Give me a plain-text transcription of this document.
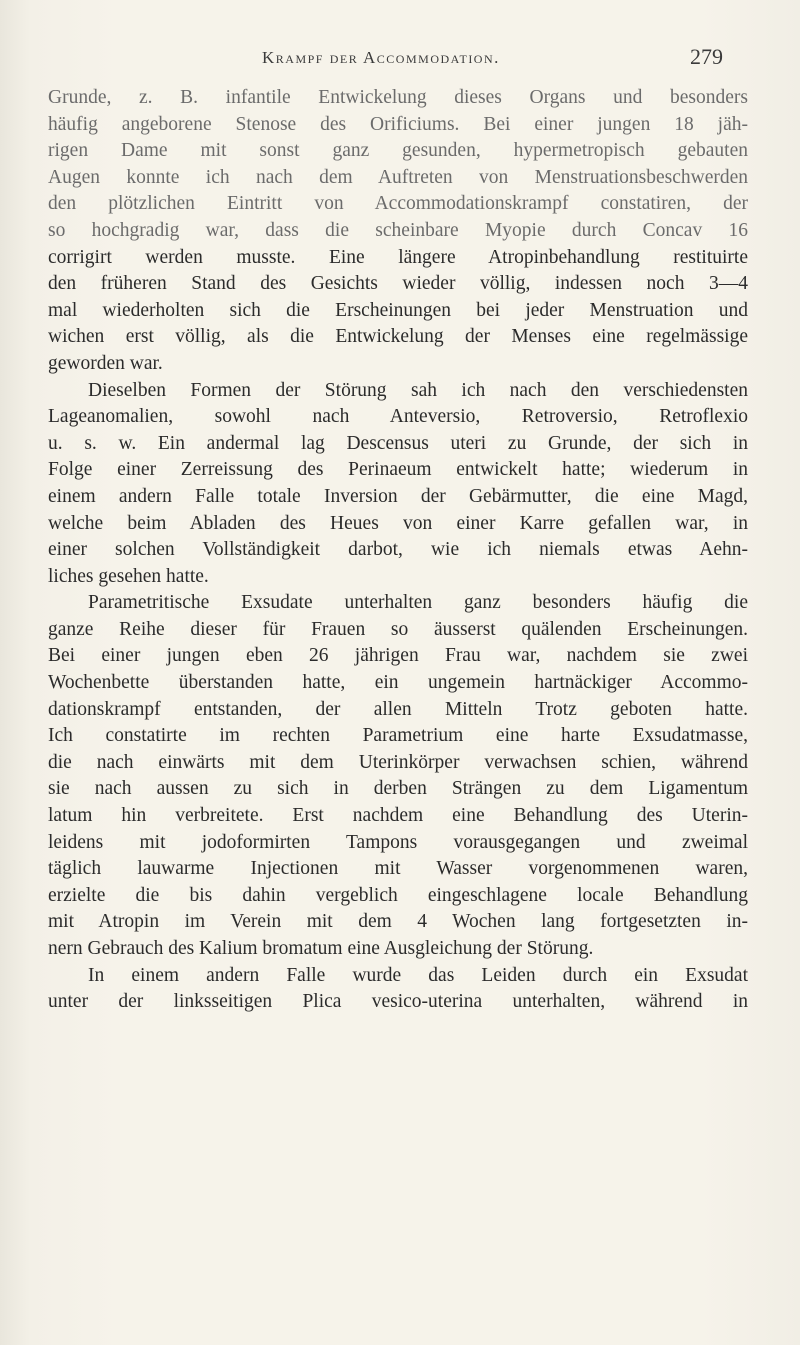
Krampf der Accommodation.	279
Grunde, z. B. infantile Entwickelung dieses Organs und besonders
häufig angeborene Stenose des Orificiums. Bei einer jungen 18 jäh-
rigen Dame mit sonst ganz gesunden, hypermetropisch gebauten
Augen konnte ich nach dem Auftreten von Menstruationsbeschwerden
den plötzlichen Eintritt von Accommodationskrampf constatiren, der
so hochgradig war, dass die scheinbare Myopie durch Concav 16
corrigirt werden musste. Eine längere Atropinbehandlung restituirte
den früheren Stand des Gesichts wieder völlig, indessen noch 3—4
mal wiederholten sich die Erscheinungen bei jeder Menstruation und
wichen erst völlig, als die Entwickelung der Menses eine regelmässige
geworden war.
Dieselben Formen der Störung sah ich nach den verschiedensten
Lageanomalien, sowohl nach Anteversio, Retroversio, Retroflexio
u. s. w. Ein andermal lag Descensus uteri zu Grunde, der sich in
Folge einer Zerreissung des Perinaeum entwickelt hatte; wiederum in
einem andern Falle totale Inversion der Gebärmutter, die eine Magd,
welche beim Abladen des Heues von einer Karre gefallen war, in
einer solchen Vollständigkeit darbot, wie ich niemals etwas Aehn-
liches gesehen hatte.
Parametritische Exsudate unterhalten ganz besonders häufig die
ganze Reihe dieser für Frauen so äusserst quälenden Erscheinungen.
Bei einer jungen eben 26 jährigen Frau war, nachdem sie zwei
Wochenbette überstanden hatte, ein ungemein hartnäckiger Accommo-
dationskrampf entstanden, der allen Mitteln Trotz geboten hatte.
Ich constatirte im rechten Parametrium eine harte Exsudatmasse,
die nach einwärts mit dem Uterinkörper verwachsen schien, während
sie nach aussen zu sich in derben Strängen zu dem Ligamentum
latum hin verbreitete. Erst nachdem eine Behandlung des Uterin-
leidens mit jodoformirten Tampons vorausgegangen und zweimal
täglich lauwarme Injectionen mit Wasser vorgenommenen waren,
erzielte die bis dahin vergeblich eingeschlagene locale Behandlung
mit Atropin im Verein mit dem 4 Wochen lang fortgesetzten in-
nern Gebrauch des Kalium bromatum eine Ausgleichung der Störung.
In einem andern Falle wurde das Leiden durch ein Exsudat
unter der linksseitigen Plica vesico-uterina unterhalten, während in
